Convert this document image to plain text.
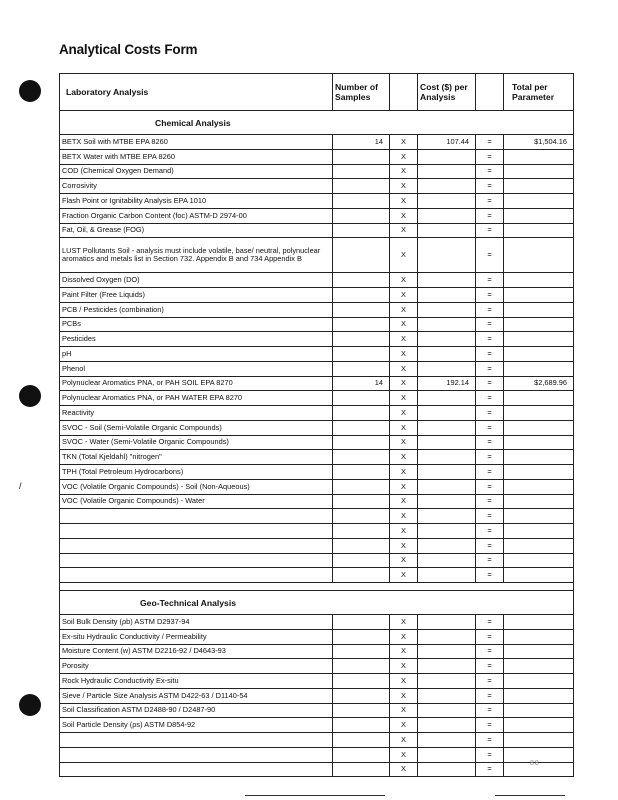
Analytical Costs Form
/
Laboratory Analysis	Number of Samples		Cost ($) per Analysis		Total per Parameter
Chemical Analysis					
BETX Soil with MTBE EPA 8260	14	X	107.44	=	$1,504.16
BETX Water with MTBE EPA 8260		X		=	
COD (Chemical Oxygen Demand)		X		=	
Corrosivity		X		=	
Flash Point or Ignitability Analysis EPA 1010		X		=	
Fraction Organic Carbon Content (foc) ASTM-D 2974-00		X		=	
Fat, Oil, & Grease (FOG)		X		=	
LUST Pollutants Soil - analysis must include volatile, base/ neutral, polynuclear aromatics and metals list in Section 732. Appendix B and 734 Appendix B		X		=	
Dissolved Oxygen (DO)		X		=	
Paint Filter (Free Liquids)		X		=	
PCB / Pesticides (combination)		X		=	
PCBs		X		=	
Pesticides		X		=	
pH		X		=	
Phenol		X		=	
Polynuclear Aromatics PNA, or PAH SOIL EPA 8270	14	X	192.14	=	$2,689.96
Polynuclear Aromatics PNA, or PAH WATER EPA 8270		X		=	
Reactivity		X		=	
SVOC - Soil (Semi-Volatile Organic Compounds)		X		=	
SVOC - Water (Semi-Volatile Organic Compounds)		X		=	
TKN (Total Kjeldahl) "nitrogen"		X		=	
TPH (Total Petroleum Hydrocarbons)		X		=	
VOC (Volatile Organic Compounds) - Soil (Non-Aqueous)		X		=	
VOC (Volatile Organic Compounds) - Water		X		=	
		X		=	
		X		=	
		X		=	
		X		=	
		X		=	

Geo-Technical Analysis					
Soil Bulk Density (ρb) ASTM D2937-94		X		=	
Ex-situ Hydraulic Conductivity / Permeability		X		=	
Moisture Content (w) ASTM D2216-92 / D4643-93		X		=	
Porosity		X		=	
Rock Hydraulic Conductivity Ex-situ		X		=	
Sieve / Particle Size Analysis ASTM D422-63 / D1140-54		X		=	
Soil Classification ASTM D2488-90 / D2487-90		X		=	
Soil Particle Density (ρs) ASTM D854-92		X		=	
		X		=	
		X		=	
		X		=	
88
